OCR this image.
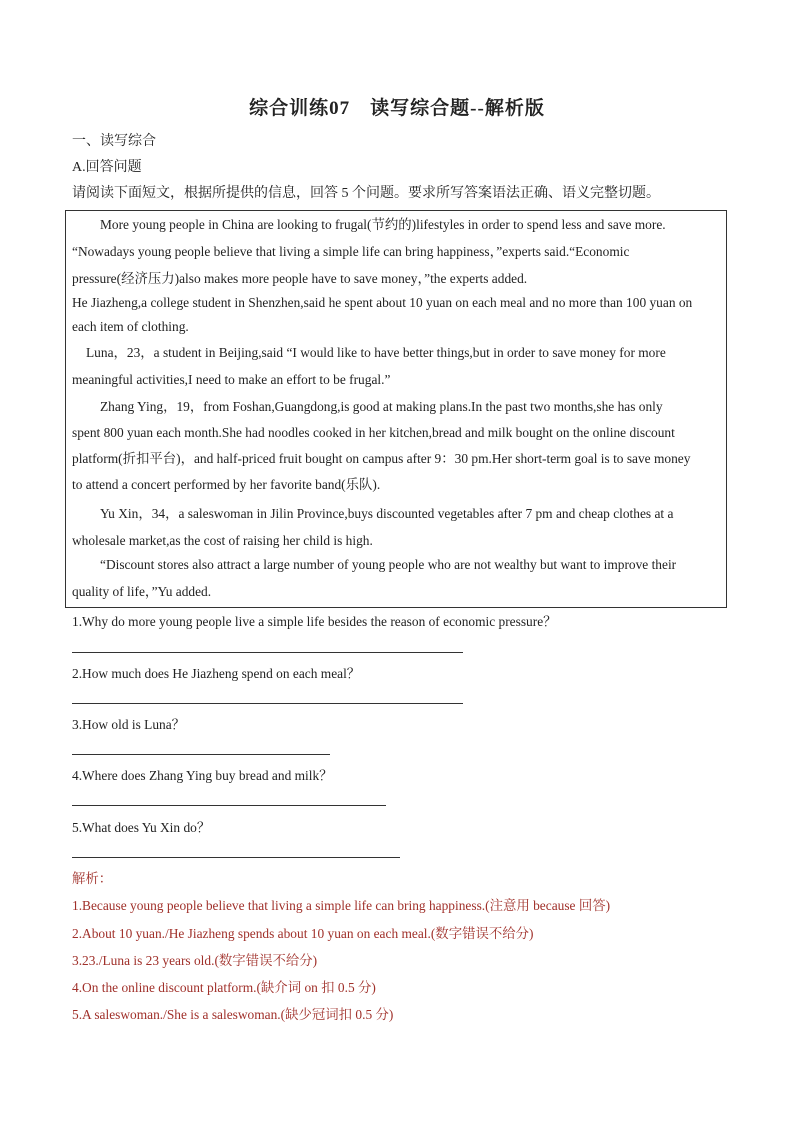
综合训练07　读写综合题--解析版
一、读写综合
A.回答问题
请阅读下面短文，根据所提供的信息，回答 5 个问题。要求所写答案语法正确、语义完整切题。
More young people in China are looking to frugal(节约的)lifestyles in order to spend less and save more.
“Nowadays young people believe that living a simple life can bring happiness，”experts said.“Economic
pressure(经济压力)also makes more people have to save money，”the experts added.
He Jiazheng,a college student in Shenzhen,said he spent about 10 yuan on each meal and no more than 100 yuan on
each item of clothing.
Luna，23，a student in Beijing,said “I would like to have better things,but in order to save money for more
meaningful activities,I need to make an effort to be frugal.”
Zhang Ying，19，from Foshan,Guangdong,is good at making plans.In the past two months,she has only
spent 800 yuan each month.She had noodles cooked in her kitchen,bread and milk bought on the online discount
platform(折扣平台)，and half-priced fruit bought on campus after 9：30 pm.Her short-term goal is to save money
to attend a concert performed by her favorite band(乐队).
Yu Xin，34，a saleswoman in Jilin Province,buys discounted vegetables after 7 pm and cheap clothes at a
wholesale market,as the cost of raising her child is high.
“Discount stores also attract a large number of young people who are not wealthy but want to improve their
quality of life，”Yu added.
1.Why do more young people live a simple life besides the reason of economic pressure？
2.How much does He Jiazheng spend on each meal？
3.How old is Luna？
4.Where does Zhang Ying buy bread and milk？
5.What does Yu Xin do？
解析：
1.Because young people believe that living a simple life can bring happiness.(注意用 because 回答)
2.About 10 yuan./He Jiazheng spends about 10 yuan on each meal.(数字错误不给分)
3.23./Luna is 23 years old.(数字错误不给分)
4.On the online discount platform.(缺介词 on 扣 0.5 分)
5.A saleswoman./She is a saleswoman.(缺少冠词扣 0.5 分)
